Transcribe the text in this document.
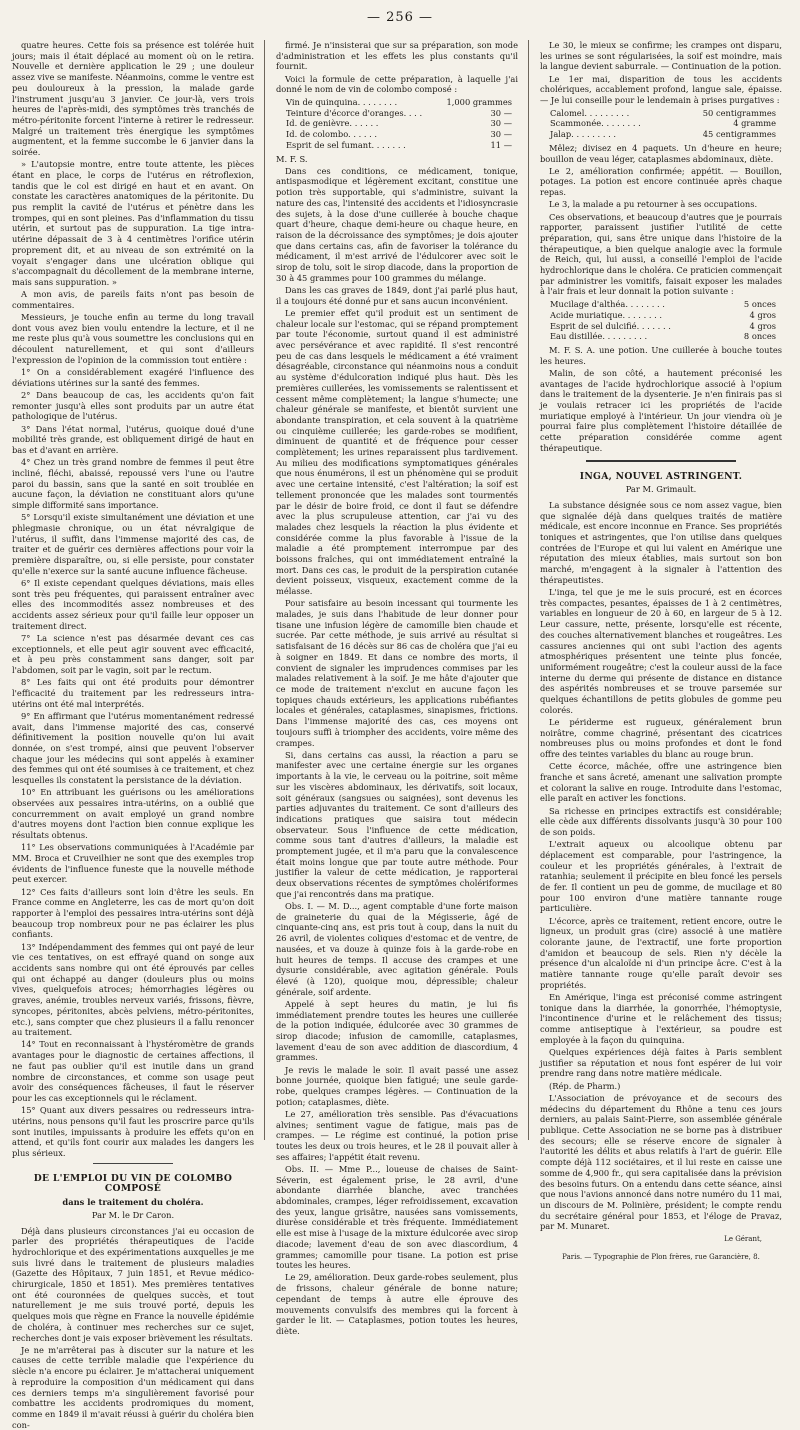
— 256 —

quatre heures. Cette fois sa présence est tolérée huit jours; mais il était déplacé au moment où on le retira. Nouvelle et dernière application le 29 ; une douleur assez vive se manifeste. Néanmoins, comme le ventre est peu douloureux à la pression, la malade garde l'instrument jusqu'au 3 janvier. Ce jour-là, vers trois heures de l'après-midi, des symptômes très tranchés de métro-péritonite forcent l'interne à retirer le redresseur. Malgré un traitement très énergique les symptômes augmentent, et la femme succombe le 6 janvier dans la soirée.

» L'autopsie montre, entre toute attente, les pièces étant en place, le corps de l'utérus en rétroflexion, tandis que le col est dirigé en haut et en avant. On constate les caractères anatomiques de la péritonite. Du pus remplit la cavité de l'utérus et pénètre dans les trompes, qui en sont pleines. Pas d'inflammation du tissu utérin, et surtout pas de suppuration. La tige intra-utérine dépassait de 3 à 4 centimètres l'orifice utérin proprement dit, et au niveau de son extrémité on la voyait s'engager dans une ulcération oblique qui s'accompagnait du décollement de la membrane interne, mais sans suppuration. »

A mon avis, de pareils faits n'ont pas besoin de commentaires.

Messieurs, je touche enfin au terme du long travail dont vous avez bien voulu entendre la lecture, et il ne me reste plus qu'à vous soumettre les conclusions qui en découlent naturellement, et qui sont d'ailleurs l'expression de l'opinion de la commission tout entière :

1° On a considérablement exagéré l'influence des déviations utérines sur la santé des femmes.

2° Dans beaucoup de cas, les accidents qu'on fait remonter jusqu'à elles sont produits par un autre état pathologique de l'utérus.

3° Dans l'état normal, l'utérus, quoique doué d'une mobilité très grande, est obliquement dirigé de haut en bas et d'avant en arrière.

4° Chez un très grand nombre de femmes il peut être incliné, fléchi, abaissé, repoussé vers l'une ou l'autre paroi du bassin, sans que la santé en soit troublée en aucune façon, la déviation ne constituant alors qu'une simple difformité sans importance.

5° Lorsqu'il existe simultanément une déviation et une phlegmasie chronique, ou un état névralgique de l'utérus, il suffit, dans l'immense majorité des cas, de traiter et de guérir ces dernières affections pour voir la première disparaître, ou, si elle persiste, pour constater qu'elle n'exerce sur la santé aucune influence fâcheuse.

6° Il existe cependant quelques déviations, mais elles sont très peu fréquentes, qui paraissent entraîner avec elles des incommodités assez nombreuses et des accidents assez sérieux pour qu'il faille leur opposer un traitement direct.

7° La science n'est pas désarmée devant ces cas exceptionnels, et elle peut agir souvent avec efficacité, et à peu près constamment sans danger, soit par l'abdomen, soit par le vagin, soit par le rectum.

8° Les faits qui ont été produits pour démontrer l'efficacité du traitement par les redresseurs intra-utérins ont été mal interprétés.

9° En affirmant que l'utérus momentanément redressé avait, dans l'immense majorité des cas, conservé définitivement la position nouvelle qu'on lui avait donnée, on s'est trompé, ainsi que peuvent l'observer chaque jour les médecins qui sont appelés à examiner des femmes qui ont été soumises à ce traitement, et chez lesquelles ils constatent la persistance de la déviation.

10° En attribuant les guérisons ou les améliorations observées aux pessaires intra-utérins, on a oublié que concurremment on avait employé un grand nombre d'autres moyens dont l'action bien connue explique les résultats obtenus.

11° Les observations communiquées à l'Académie par MM. Broca et Cruveilhier ne sont que des exemples trop évidents de l'influence funeste que la nouvelle méthode peut exercer.

12° Ces faits d'ailleurs sont loin d'être les seuls. En France comme en Angleterre, les cas de mort qu'on doit rapporter à l'emploi des pessaires intra-utérins sont déjà beaucoup trop nombreux pour ne pas éclairer les plus confiants.

13° Indépendamment des femmes qui ont payé de leur vie ces tentatives, on est effrayé quand on songe aux accidents sans nombre qui ont été éprouvés par celles qui ont échappé au danger (douleurs plus ou moins vives, quelquefois atroces; hémorrhagies légères ou graves, anémie, troubles nerveux variés, frissons, fièvre, syncopes, péritonites, abcès pelviens, métro-péritonites, etc.), sans compter que chez plusieurs il a fallu renoncer au traitement.

14° Tout en reconnaissant à l'hystéromètre de grands avantages pour le diagnostic de certaines affections, il ne faut pas oublier qu'il est inutile dans un grand nombre de circonstances, et comme son usage peut avoir des conséquences fâcheuses, il faut le réserver pour les cas exceptionnels qui le réclament.

15° Quant aux divers pessaires ou redresseurs intra-utérins, nous pensons qu'il faut les proscrire parce qu'ils sont inutiles, impuissants à produire les effets qu'on en attend, et qu'ils font courir aux malades les dangers les plus sérieux.

DE L'EMPLOI DU VIN DE COLOMBO COMPOSÉ
dans le traitement du choléra.
Par M. le Dr Caron.

Déjà dans plusieurs circonstances j'ai eu occasion de parler des propriétés thérapeutiques de l'acide hydrochlorique et des expérimentations auxquelles je me suis livré dans le traitement de plusieurs maladies (Gazette des Hôpitaux, 7 juin 1851, et Revue médico-chirurgicale, 1850 et 1851). Mes premières tentatives ont été couronnées de quelques succès, et tout naturellement je me suis trouvé porté, depuis les quelques mois que règne en France la nouvelle épidémie de choléra, à continuer mes recherches sur ce sujet, recherches dont je vais exposer brièvement les résultats.

Je ne m'arrêterai pas à discuter sur la nature et les causes de cette terrible maladie que l'expérience du siècle n'a encore pu éclairer. Je m'attacherai uniquement à reproduire la composition d'un médicament qui dans ces derniers temps m'a singulièrement favorisé pour combattre les accidents prodromiques du moment, comme en 1849 il m'avait réussi à guérir du choléra bien con-

firmé. Je n'insisterai que sur sa préparation, son mode d'administration et les effets les plus constants qu'il fournit.

Voici la formule de cette préparation, à laquelle j'ai donné le nom de vin de colombo composé :

Vin de quinquina. . . . . . . .	1,000 grammes
Teinture d'écorce d'oranges. . . .	30 —
Id. de genièvre. . . . . .	30 —
Id. de colombo. . . . . .	30 —
Esprit de sel fumant. . . . . . .	11 —

M. F. S.

Dans ces conditions, ce médicament, tonique, antispasmodique et légèrement excitant, constitue une potion très supportable, qui s'administre, suivant la nature des cas, l'intensité des accidents et l'idiosyncrasie des sujets, à la dose d'une cuillerée à bouche chaque quart d'heure, chaque demi-heure ou chaque heure, en raison de la décroissance des symptômes; je dois ajouter que dans certains cas, afin de favoriser la tolérance du médicament, il m'est arrivé de l'édulcorer avec soit le sirop de tolu, soit le sirop diacode, dans la proportion de 30 à 45 grammes pour 100 grammes du mélange.

Dans les cas graves de 1849, dont j'ai parlé plus haut, il a toujours été donné pur et sans aucun inconvénient.

Le premier effet qu'il produit est un sentiment de chaleur locale sur l'estomac, qui se répand promptement par toute l'économie, surtout quand il est administré avec persévérance et avec rapidité. Il s'est rencontré peu de cas dans lesquels le médicament a été vraiment désagréable, circonstance qui néanmoins nous a conduit au système d'édulcoration indiqué plus haut. Dès les premières cuillerées, les vomissements se ralentissent et cessent même complètement; la langue s'humecte; une chaleur générale se manifeste, et bientôt survient une abondante transpiration, et cela souvent à la quatrième ou cinquième cuillerée; les garde-robes se modifient, diminuent de quantité et de fréquence pour cesser complètement; les urines reparaissent plus tardivement. Au milieu des modifications symptomatiques générales que nous énumérons, il est un phénomène qui se produit avec une certaine intensité, c'est l'altération; la soif est tellement prononcée que les malades sont tourmentés par le désir de boire froid, ce dont il faut se défendre avec la plus scrupuleuse attention, car j'ai vu des malades chez lesquels la réaction la plus évidente et considérée comme la plus favorable à l'issue de la maladie a été promptement interrompue par des boissons fraîches, qui ont immédiatement entraîné la mort. Dans ces cas, le produit de la perspiration cutanée devient poisseux, visqueux, exactement comme de la mélasse.

Pour satisfaire au besoin incessant qui tourmente les malades, je suis dans l'habitude de leur donner pour tisane une infusion légère de camomille bien chaude et sucrée. Par cette méthode, je suis arrivé au résultat si satisfaisant de 16 décès sur 86 cas de choléra que j'ai eu à soigner en 1849. Et dans ce nombre des morts, il convient de signaler les imprudences commises par les malades relativement à la soif. Je me hâte d'ajouter que ce mode de traitement n'exclut en aucune façon les topiques chauds extérieurs, les applications rubéfiantes locales et générales, cataplasmes, sinapismes, frictions. Dans l'immense majorité des cas, ces moyens ont toujours suffi à triompher des accidents, voire même des crampes.

Si, dans certains cas aussi, la réaction a paru se manifester avec une certaine énergie sur les organes importants à la vie, le cerveau ou la poitrine, soit même sur les viscères abdominaux, les dérivatifs, soit locaux, soit généraux (sangsues ou saignées), sont devenus les parties adjuvantes du traitement. Ce sont d'ailleurs des indications pratiques que saisira tout médecin observateur. Sous l'influence de cette médication, comme sous tant d'autres d'ailleurs, la maladie est promptement jugée, et il m'a paru que la convalescence était moins longue que par toute autre méthode. Pour justifier la valeur de cette médication, je rapporterai deux observations récentes de symptômes cholériformes que j'ai rencontrés dans ma pratique.

Obs. I. — M. D..., agent comptable d'une forte maison de graineterie du quai de la Mégisserie, âgé de cinquante-cinq ans, est pris tout à coup, dans la nuit du 26 avril, de violentes coliques d'estomac et de ventre, de nausées, et va douze à quinze fois à la garde-robe en huit heures de temps. Il accuse des crampes et une dysurie considérable, avec agitation générale. Pouls élevé (à 120), quoique mou, dépressible; chaleur générale, soif ardente.

Appelé à sept heures du matin, je lui fis immédiatement prendre toutes les heures une cuillerée de la potion indiquée, édulcorée avec 30 grammes de sirop diacode; infusion de camomille, cataplasmes, lavement d'eau de son avec addition de diascordium, 4 grammes.

Je revis le malade le soir. Il avait passé une assez bonne journée, quoique bien fatigué; une seule garde-robe, quelques crampes légères. — Continuation de la potion; cataplasmes, diète.

Le 27, amélioration très sensible. Pas d'évacuations alvines; sentiment vague de fatigue, mais pas de crampes. — Le régime est continué, la potion prise toutes les deux ou trois heures, et le 28 il pouvait aller à ses affaires; l'appétit était revenu.

Obs. II. — Mme P..., loueuse de chaises de Saint-Séverin, est également prise, le 28 avril, d'une abondante diarrhée blanche, avec tranchées abdominales, crampes, léger refroidissement, excavation des yeux, langue grisâtre, nausées sans vomissements, diurèse considérable et très fréquente. Immédiatement elle est mise à l'usage de la mixture édulcorée avec sirop diacode; lavement d'eau de son avec diascordium, 4 grammes; camomille pour tisane. La potion est prise toutes les heures.

Le 29, amélioration. Deux garde-robes seulement, plus de frissons, chaleur générale de bonne nature; cependant de temps à autre elle éprouve des mouvements convulsifs des membres qui la forcent à garder le lit. — Cataplasmes, potion toutes les heures, diète.

Le 30, le mieux se confirme; les crampes ont disparu, les urines se sont régularisées, la soif est moindre, mais la langue devient saburrale. — Continuation de la potion.

Le 1er mai, disparition de tous les accidents cholériques, accablement profond, langue sale, épaisse. — Je lui conseille pour le lendemain à prises purgatives :

Calomel. . . . . . . . .	50 centigrammes
Scammonée. . . . . . . .	4 gramme
Jalap. . . . . . . . .	45 centigrammes

Mêlez; divisez en 4 paquets. Un d'heure en heure; bouillon de veau léger, cataplasmes abdominaux, diète.

Le 2, amélioration confirmée; appétit. — Bouillon, potages. La potion est encore continuée après chaque repas.

Le 3, la malade a pu retourner à ses occupations.

Ces observations, et beaucoup d'autres que je pourrais rapporter, paraissent justifier l'utilité de cette préparation, qui, sans être unique dans l'histoire de la thérapeutique, a bien quelque analogie avec la formule de Reich, qui, lui aussi, a conseillé l'emploi de l'acide hydrochlorique dans le choléra. Ce praticien commençait par administrer les vomitifs, faisait exposer les malades à l'air frais et leur donnait la potion suivante :

Mucilage d'althéa. . . . . . . .	5 onces
Acide muriatique. . . . . . . .	4 gros
Esprit de sel dulcifié. . . . . . .	4 gros
Eau distillée. . . . . . . . .	8 onces

M. F. S. A. une potion. Une cuillerée à bouche toutes les heures.

Malin, de son côté, a hautement préconisé les avantages de l'acide hydrochlorique associé à l'opium dans le traitement de la dysenterie. Je n'en finirais pas si je voulais retracer ici les propriétés de l'acide muriatique employé à l'intérieur. Un jour viendra où je pourrai faire plus complètement l'histoire détaillée de cette préparation considérée comme agent thérapeutique.

INGA, NOUVEL ASTRINGENT.
Par M. Grimault.

La substance désignée sous ce nom assez vague, bien que signalée déjà dans quelques traités de matière médicale, est encore inconnue en France. Ses propriétés toniques et astringentes, que l'on utilise dans quelques contrées de l'Europe et qui lui valent en Amérique une réputation des mieux établies, mais surtout son bon marché, m'engagent à la signaler à l'attention des thérapeutistes.

L'inga, tel que je me le suis procuré, est en écorces très compactes, pesantes, épaisses de 1 à 2 centimètres, variables en longueur de 20 à 60, en largeur de 5 à 12. Leur cassure, nette, présente, lorsqu'elle est récente, des couches alternativement blanches et rougeâtres. Les cassures anciennes qui ont subi l'action des agents atmosphériques présentent une teinte plus foncée, uniformément rougeâtre; c'est la couleur aussi de la face interne du derme qui présente de distance en distance des aspérités nombreuses et se trouve parsemée sur quelques échantillons de petits globules de gomme peu colorés.

Le périderme est rugueux, généralement brun noirâtre, comme chagriné, présentant des cicatrices nombreuses plus ou moins profondes et dont le fond offre des teintes variables du blanc au rouge brun.

Cette écorce, mâchée, offre une astringence bien franche et sans âcreté, amenant une salivation prompte et colorant la salive en rouge. Introduite dans l'estomac, elle paraît en activer les fonctions.

Sa richesse en principes extractifs est considérable; elle cède aux différents dissolvants jusqu'à 30 pour 100 de son poids.

L'extrait aqueux ou alcoolique obtenu par déplacement est comparable, pour l'astringence, la couleur et les propriétés générales, à l'extrait de ratanhia; seulement il précipite en bleu foncé les persels de fer. Il contient un peu de gomme, de mucilage et 80 pour 100 environ d'une matière tannante rouge particulière.

L'écorce, après ce traitement, retient encore, outre le ligneux, un produit gras (cire) associé à une matière colorante jaune, de l'extractif, une forte proportion d'amidon et beaucoup de sels. Rien n'y décèle la présence d'un alcaloïde ni d'un principe âcre. C'est à la matière tannante rouge qu'elle paraît devoir ses propriétés.

En Amérique, l'inga est préconisé comme astringent tonique dans la diarrhée, la gonorrhée, l'hémoptysie, l'incontinence d'urine et le relâchement des tissus; comme antiseptique à l'extérieur, sa poudre est employée à la façon du quinquina.

Quelques expériences déjà faites à Paris semblent justifier sa réputation et nous font espérer de lui voir prendre rang dans notre matière médicale.

(Rép. de Pharm.)

L'Association de prévoyance et de secours des médecins du département du Rhône a tenu ces jours derniers, au palais Saint-Pierre, son assemblée générale publique. Cette Association ne se borne pas à distribuer des secours; elle se réserve encore de signaler à l'autorité les délits et abus relatifs à l'art de guérir. Elle compte déjà 112 sociétaires, et il lui reste en caisse une somme de 4,900 fr., qui sera capitalisée dans la prévision des besoins futurs. On a entendu dans cette séance, ainsi que nous l'avions annoncé dans notre numéro du 11 mai, un discours de M. Polinière, président; le compte rendu du secrétaire général pour 1853, et l'éloge de Pravaz, par M. Munaret.

Le Gérant,
Paris. — Typographie de Plon frères, rue Garancière, 8.
